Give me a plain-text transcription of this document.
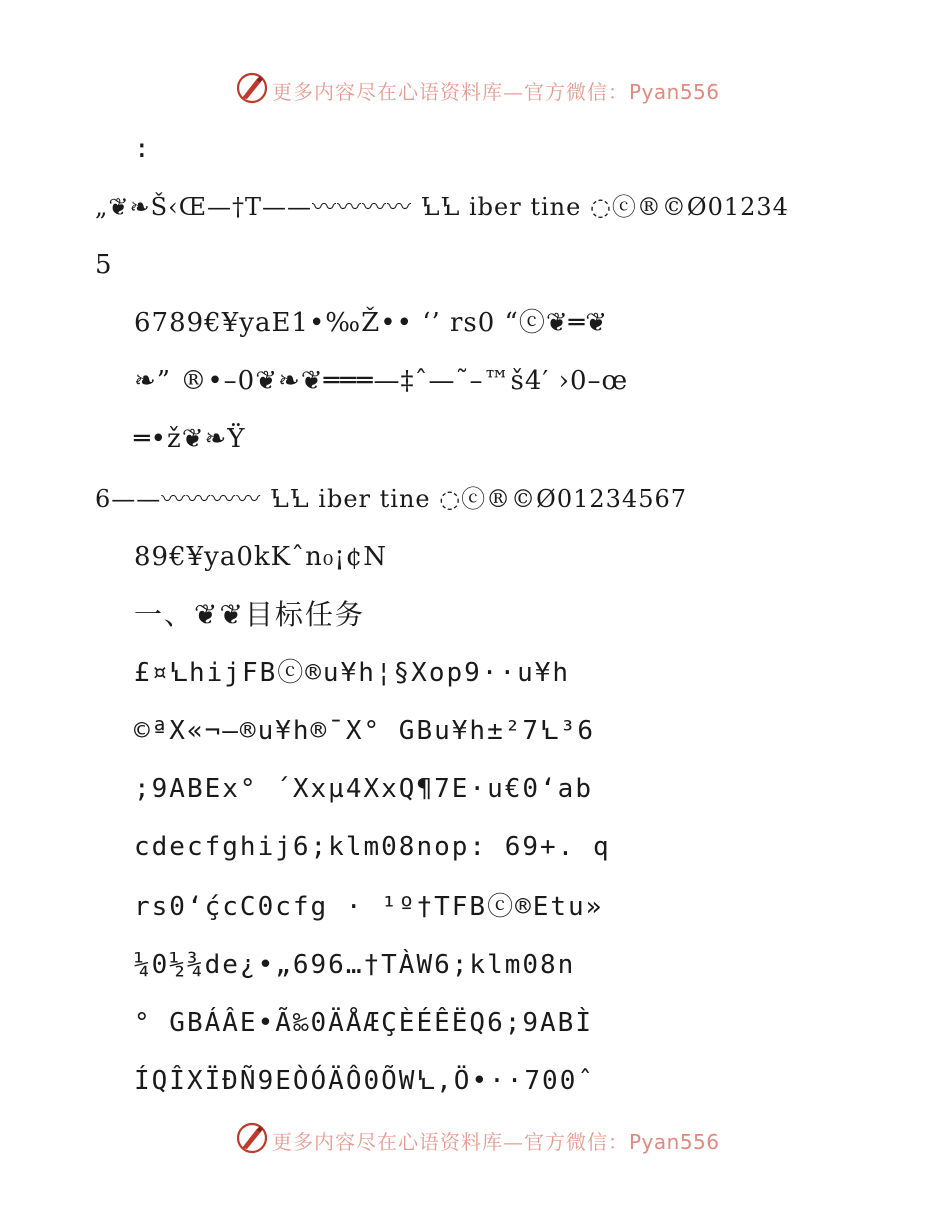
更多内容尽在心语资料库—官方微信：Pyan556
:
„❦❧Š‹Œ—†T——〰〰〰〰 ꝆꝆ iber tine ◌ⓒ®©Ø01234
5
6789€¥yaE1•‰Ž•• ‘’ rs0 “ⓒ❦═❦
❧” ®•–0❦❧❦═══—‡ˆ—˜–™š4′ ›0–œ
═•ž❦❧Ÿ
6——〰〰〰〰 ꝆꝆ iber tine ◌ⓒ®©Ø01234567
89€¥ya0kKˆn₀¡¢N
一、❦❦目标任务
£¤ꝆhijFBⓒ®u¥h¦§Xop9··u¥h
©ªX«¬–®u¥h®¯X° GBu¥h±²7Ꝇ³6
;9ABEx° ´Xxµ4XxQ¶7E·u€0‘ab
cdecfghij6;klm08nop: 69+. q
rs0‘ḉcC0cfg · ¹º†TFBⓒ®Etu»
¼0½¾de¿•„696…†TÀW6;klm08n
° GBÁÂE•Ã‰0ÄÅÆÇÈÉÊËQ6;9ABÌ
ÍQÎXÏÐÑ9EÒÓÄÔ0ÕWꝆ,Ö•··700ˆ
更多内容尽在心语资料库—官方微信：Pyan556
